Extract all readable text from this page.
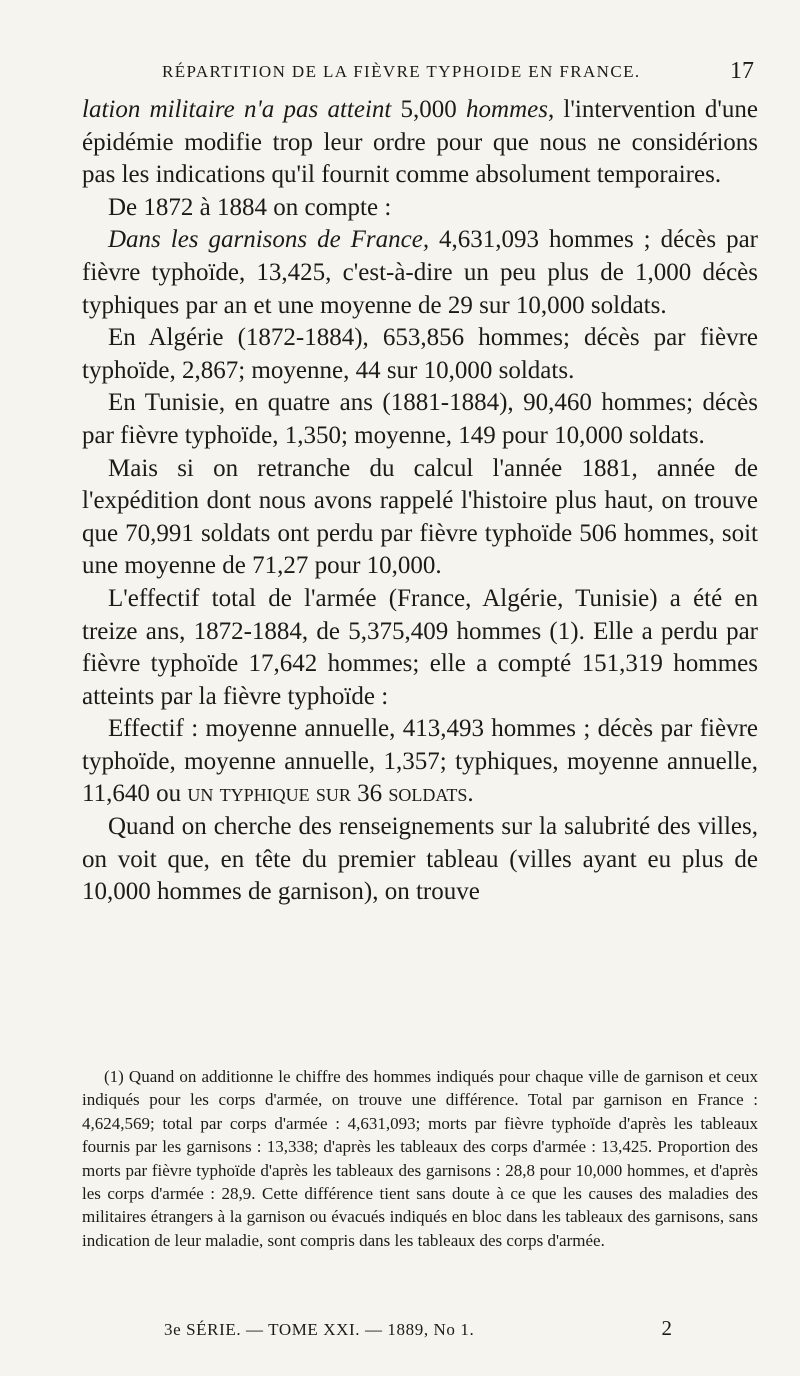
RÉPARTITION DE LA FIÈVRE TYPHOIDE EN FRANCE.	17

lation militaire n'a pas atteint 5,000 hommes, l'intervention d'une épidémie modifie trop leur ordre pour que nous ne considérions pas les indications qu'il fournit comme absolument temporaires.

De 1872 à 1884 on compte :

Dans les garnisons de France, 4,631,093 hommes ; décès par fièvre typhoïde, 13,425, c'est-à-dire un peu plus de 1,000 décès typhiques par an et une moyenne de 29 sur 10,000 soldats.

En Algérie (1872-1884), 653,856 hommes; décès par fièvre typhoïde, 2,867; moyenne, 44 sur 10,000 soldats.

En Tunisie, en quatre ans (1881-1884), 90,460 hommes; décès par fièvre typhoïde, 1,350; moyenne, 149 pour 10,000 soldats.

Mais si on retranche du calcul l'année 1881, année de l'expédition dont nous avons rappelé l'histoire plus haut, on trouve que 70,991 soldats ont perdu par fièvre typhoïde 506 hommes, soit une moyenne de 71,27 pour 10,000.

L'effectif total de l'armée (France, Algérie, Tunisie) a été en treize ans, 1872-1884, de 5,375,409 hommes (1). Elle a perdu par fièvre typhoïde 17,642 hommes; elle a compté 151,319 hommes atteints par la fièvre typhoïde :

Effectif : moyenne annuelle, 413,493 hommes ; décès par fièvre typhoïde, moyenne annuelle, 1,357; typhiques, moyenne annuelle, 11,640 ou un typhique sur 36 soldats.

Quand on cherche des renseignements sur la salubrité des villes, on voit que, en tête du premier tableau (villes ayant eu plus de 10,000 hommes de garnison), on trouve

(1) Quand on additionne le chiffre des hommes indiqués pour chaque ville de garnison et ceux indiqués pour les corps d'armée, on trouve une différence. Total par garnison en France : 4,624,569; total par corps d'armée : 4,631,093; morts par fièvre typhoïde d'après les tableaux fournis par les garnisons : 13,338; d'après les tableaux des corps d'armée : 13,425. Proportion des morts par fièvre typhoïde d'après les tableaux des garnisons : 28,8 pour 10,000 hommes, et d'après les corps d'armée : 28,9. Cette différence tient sans doute à ce que les causes des maladies des militaires étrangers à la garnison ou évacués indiqués en bloc dans les tableaux des garnisons, sans indication de leur maladie, sont compris dans les tableaux des corps d'armée.

3e SÉRIE. — TOME XXI. — 1889, No 1.	2
